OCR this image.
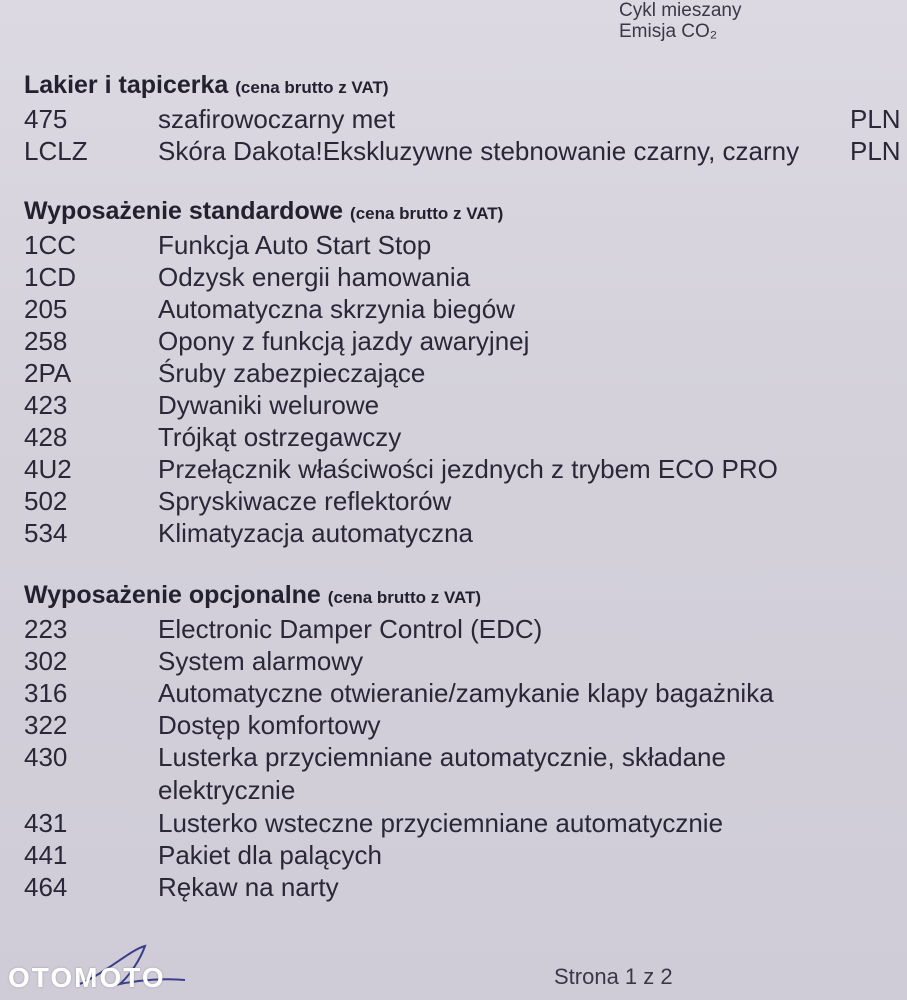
Cykl mieszany
Emisja CO₂
Lakier i tapicerka (cena brutto z VAT)
475	szafirowoczarny met	PLN
LCLZ	Skóra Dakota!Ekskluzywne stebnowanie czarny, czarny PLN
Wyposażenie standardowe (cena brutto z VAT)
1CC	Funkcja Auto Start Stop
1CD	Odzysk energii hamowania
205	Automatyczna skrzynia biegów
258	Opony z funkcją jazdy awaryjnej
2PA	Śruby zabezpieczające
423	Dywaniki welurowe
428	Trójkąt ostrzegawczy
4U2	Przełącznik właściwości jezdnych z trybem ECO PRO
502	Spryskiwacze reflektorów
534	Klimatyzacja automatyczna
Wyposażenie opcjonalne (cena brutto z VAT)
223	Electronic Damper Control (EDC)
302	System alarmowy
316	Automatyczne otwieranie/zamykanie klapy bagażnika
322	Dostęp komfortowy
430	Lusterka przyciemniane automatycznie, składane elektrycznie
431	Lusterko wsteczne przyciemniane automatycznie
441	Pakiet dla palących
464	Rękaw na narty
OTOMOTO	Strona 1 z 2
